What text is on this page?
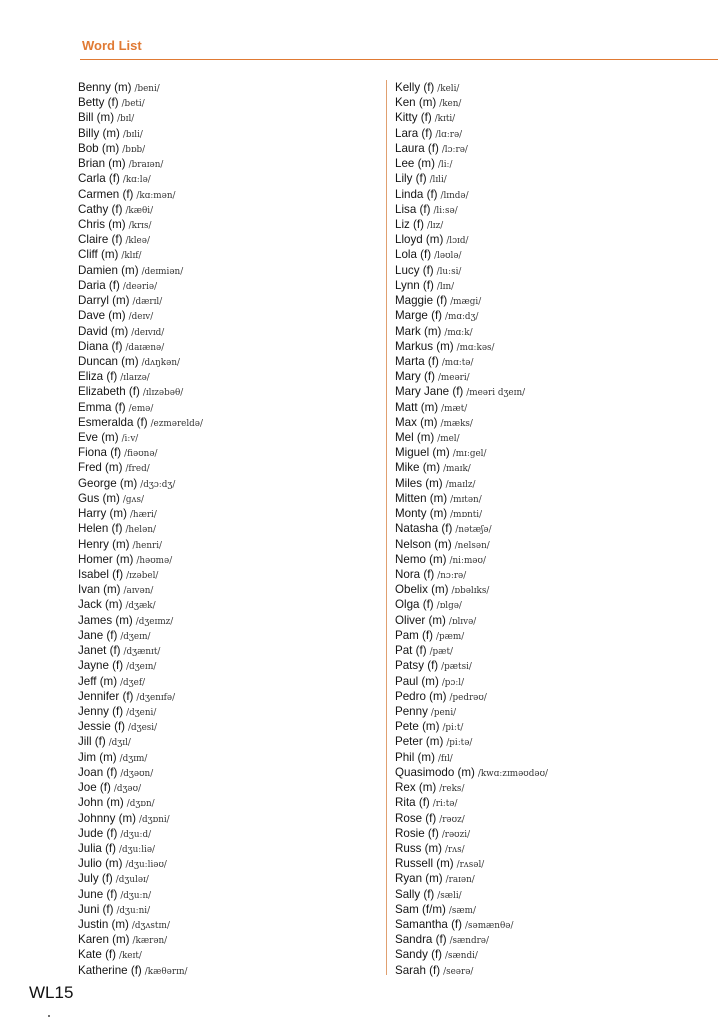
Word List
Benny (m) /beni/
Betty (f) /beti/
Bill (m) /bɪl/
Billy (m) /bɪli/
Bob (m) /bɒb/
Brian (m) /braɪən/
Carla (f) /kɑːlə/
Carmen (f) /kɑːmən/
Cathy (f) /kæθi/
Chris (m) /krɪs/
Claire (f) /kleə/
Cliff (m) /klɪf/
Damien (m) /deɪmiən/
Daria (f) /deəriə/
Darryl (m) /dærɪl/
Dave (m) /deɪv/
David (m) /deɪvɪd/
Diana (f) /daɪænə/
Duncan (m) /dʌŋkən/
Eliza (f) /ɪlaɪzə/
Elizabeth (f) /ɪlɪzəbəθ/
Emma (f) /emə/
Esmeralda (f) /ezməreldə/
Eve (m) /iːv/
Fiona (f) /fiəʊnə/
Fred (m) /fred/
George (m) /dʒɔːdʒ/
Gus (m) /gʌs/
Harry (m) /hæri/
Helen (f) /helən/
Henry (m) /henri/
Homer (m) /həʊmə/
Isabel (f) /ɪzəbel/
Ivan (m) /aɪvən/
Jack (m) /dʒæk/
James (m) /dʒeɪmz/
Jane (f) /dʒeɪn/
Janet (f) /dʒænɪt/
Jayne (f) /dʒeɪn/
Jeff (m) /dʒef/
Jennifer (f) /dʒenɪfə/
Jenny (f) /dʒeni/
Jessie (f) /dʒesi/
Jill (f) /dʒɪl/
Jim (m) /dʒɪm/
Joan (f) /dʒəʊn/
Joe (f) /dʒəʊ/
John (m) /dʒɒn/
Johnny (m) /dʒɒni/
Jude (f) /dʒuːd/
Julia (f) /dʒuːliə/
Julio (m) /dʒuːliəʊ/
July (f) /dʒuləɪ/
June (f) /dʒuːn/
Juni (f) /dʒuːni/
Justin (m) /dʒʌstɪn/
Karen (m) /kærən/
Kate (f) /keɪt/
Katherine (f) /kæθərɪn/
Kelly (f) /keli/
Ken (m) /ken/
Kitty (f) /kɪti/
Lara (f) /lɑːrə/
Laura (f) /lɔːrə/
Lee (m) /liː/
Lily (f) /lɪli/
Linda (f) /lɪndə/
Lisa (f) /liːsə/
Liz (f) /lɪz/
Lloyd (m) /lɔɪd/
Lola (f) /ləʊlə/
Lucy (f) /luːsi/
Lynn (f) /lɪn/
Maggie (f) /mægi/
Marge (f) /mɑːdʒ/
Mark (m) /mɑːk/
Markus (m) /mɑːkəs/
Marta (f) /mɑːtə/
Mary (f) /meəri/
Mary Jane (f) /meəri dʒeɪn/
Matt (m) /mæt/
Max (m) /mæks/
Mel (m) /mel/
Miguel (m) /mɪːgel/
Mike (m) /maɪk/
Miles (m) /maɪlz/
Mitten (m) /mɪtən/
Monty (m) /mɒnti/
Natasha (f) /nətæʃə/
Nelson (m) /nelsən/
Nemo (m) /niːməʊ/
Nora (f) /nɔːrə/
Obelix (m) /ɒbəlɪks/
Olga (f) /ɒlgə/
Oliver (m) /ɒlɪvə/
Pam (f) /pæm/
Pat (f) /pæt/
Patsy (f) /pætsi/
Paul (m) /pɔːl/
Pedro (m) /pedrəʊ/
Penny /peni/
Pete (m) /piːt/
Peter (m) /piːtə/
Phil (m) /fɪl/
Quasimodo (m) /kwɑːzɪməʊdəʊ/
Rex (m) /reks/
Rita (f) /riːtə/
Rose (f) /rəʊz/
Rosie (f) /rəʊzi/
Russ (m) /rʌs/
Russell (m) /rʌsəl/
Ryan (m) /raɪən/
Sally (f) /sæli/
Sam (f/m) /sæm/
Samantha (f) /səmænθə/
Sandra (f) /sændrə/
Sandy (f) /sændi/
Sarah (f) /seərə/
WL15
